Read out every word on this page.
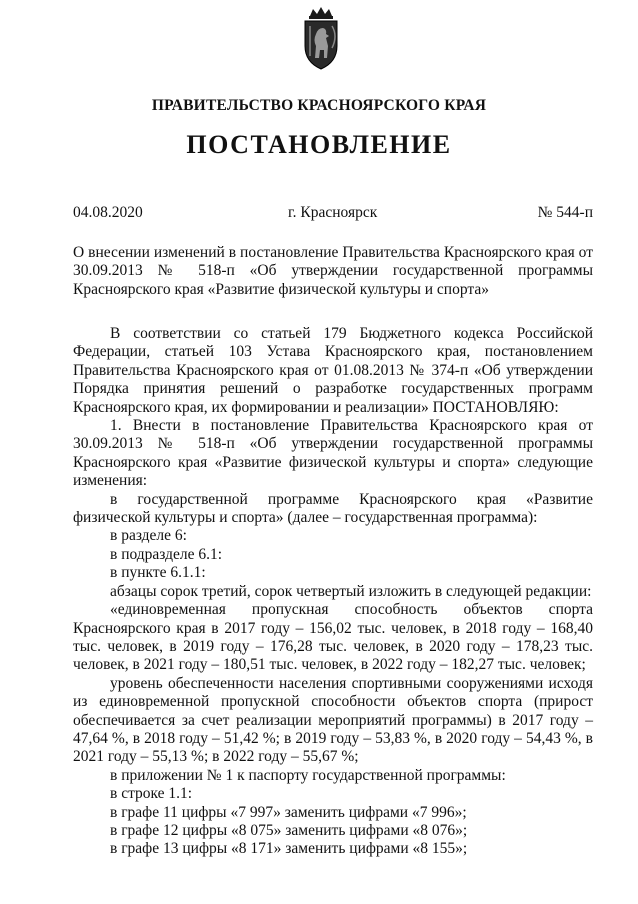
ПРАВИТЕЛЬСТВО КРАСНОЯРСКОГО КРАЯ
ПОСТАНОВЛЕНИЕ
04.08.2020	г. Красноярск	№ 544-п
О внесении изменений в постановление Правительства Красноярского края от 30.09.2013 № 518-п «Об утверждении государственной программы Красноярского края «Развитие физической культуры и спорта»

В соответствии со статьей 179 Бюджетного кодекса Российской Федерации, статьей 103 Устава Красноярского края, постановлением Правительства Красноярского края от 01.08.2013 № 374-п «Об утверждении Порядка принятия решений о разработке государственных программ Красноярского края, их формировании и реализации» ПОСТАНОВЛЯЮ:

1. Внести в постановление Правительства Красноярского края от 30.09.2013 № 518-п «Об утверждении государственной программы Красноярского края «Развитие физической культуры и спорта» следующие изменения:

в государственной программе Красноярского края «Развитие физической культуры и спорта» (далее – государственная программа):

в разделе 6:

в подразделе 6.1:

в пункте 6.1.1:

абзацы сорок третий, сорок четвертый изложить в следующей редакции:

«единовременная пропускная способность объектов спорта Красноярского края в 2017 году – 156,02 тыс. человек, в 2018 году – 168,40 тыс. человек, в 2019 году – 176,28 тыс. человек, в 2020 году – 178,23 тыс. человек, в 2021 году – 180,51 тыс. человек, в 2022 году – 182,27 тыс. человек;

уровень обеспеченности населения спортивными сооружениями исходя из единовременной пропускной способности объектов спорта (прирост обеспечивается за счет реализации мероприятий программы) в 2017 году – 47,64 %, в 2018 году – 51,42 %; в 2019 году – 53,83 %, в 2020 году – 54,43 %, в 2021 году – 55,13 %; в 2022 году – 55,67 %;

в приложении № 1 к паспорту государственной программы:

в строке 1.1:

в графе 11 цифры «7 997» заменить цифрами «7 996»;

в графе 12 цифры «8 075» заменить цифрами «8 076»;

в графе 13 цифры «8 171» заменить цифрами «8 155»;
